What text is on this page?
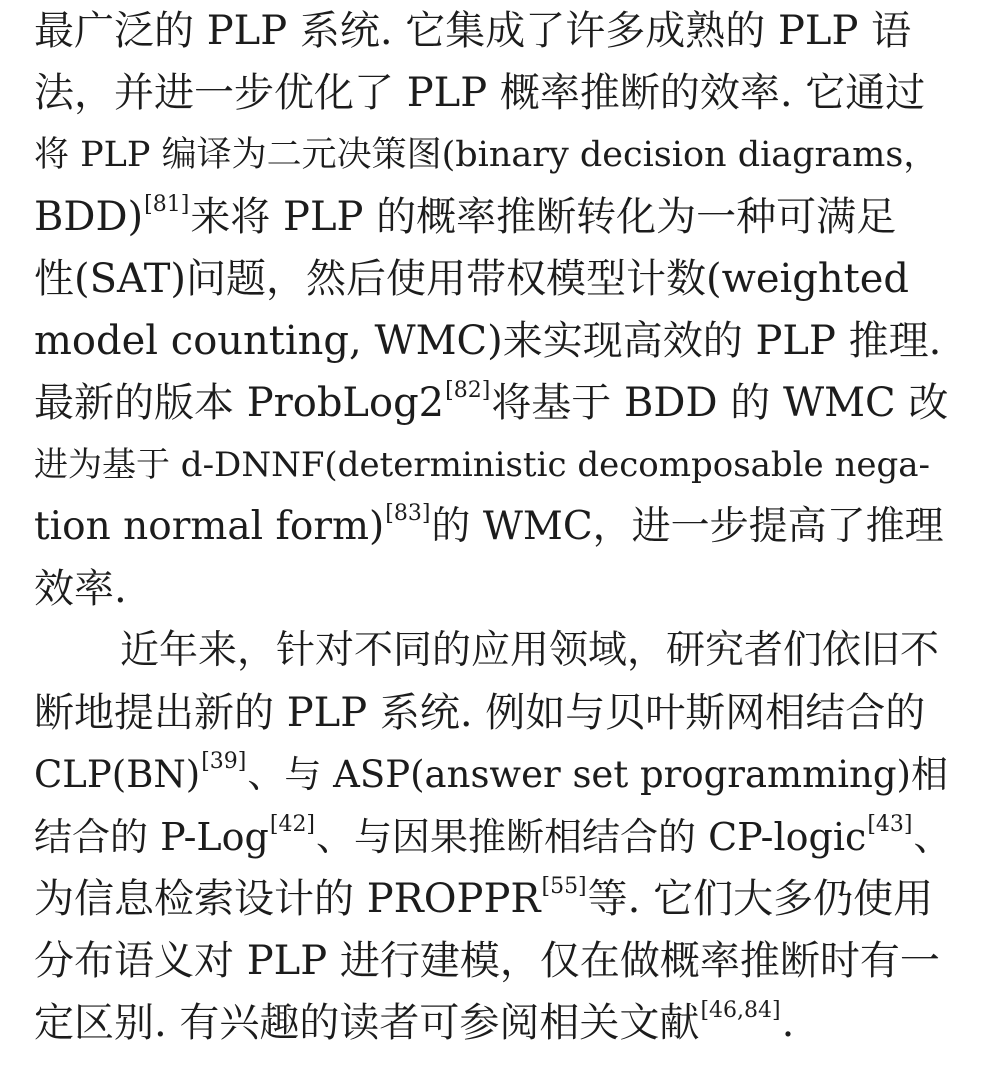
最广泛的 PLP 系统. 它集成了许多成熟的 PLP 语
法，并进一步优化了 PLP 概率推断的效率. 它通过
将 PLP 编译为二元决策图(binary decision diagrams，
BDD)[81] 来将 PLP 的概率推断转化为一种可满足
性(SAT)问题，然后使用带权模型计数(weighted
model counting, WMC)来实现高效的 PLP 推理.
最新的版本 ProbLog2[82] 将基于 BDD 的 WMC 改
进为基于 d-DNNF(deterministic decomposable nega-
tion normal form)[83] 的 WMC，进一步提高了推理
效率.
近年来，针对不同的应用领域，研究者们依旧不
断地提出新的 PLP 系统. 例如与贝叶斯网相结合的
CLP(BN)[39] 、与 ASP(answer set programming)相
结合的 P-Log[42] 、与因果推断相结合的 CP-logic[43] 、
为信息检索设计的 PROPPR[55] 等. 它们大多仍使用
分布语义对 PLP 进行建模，仅在做概率推断时有一
定区别. 有兴趣的读者可参阅相关文献[46,84] .
